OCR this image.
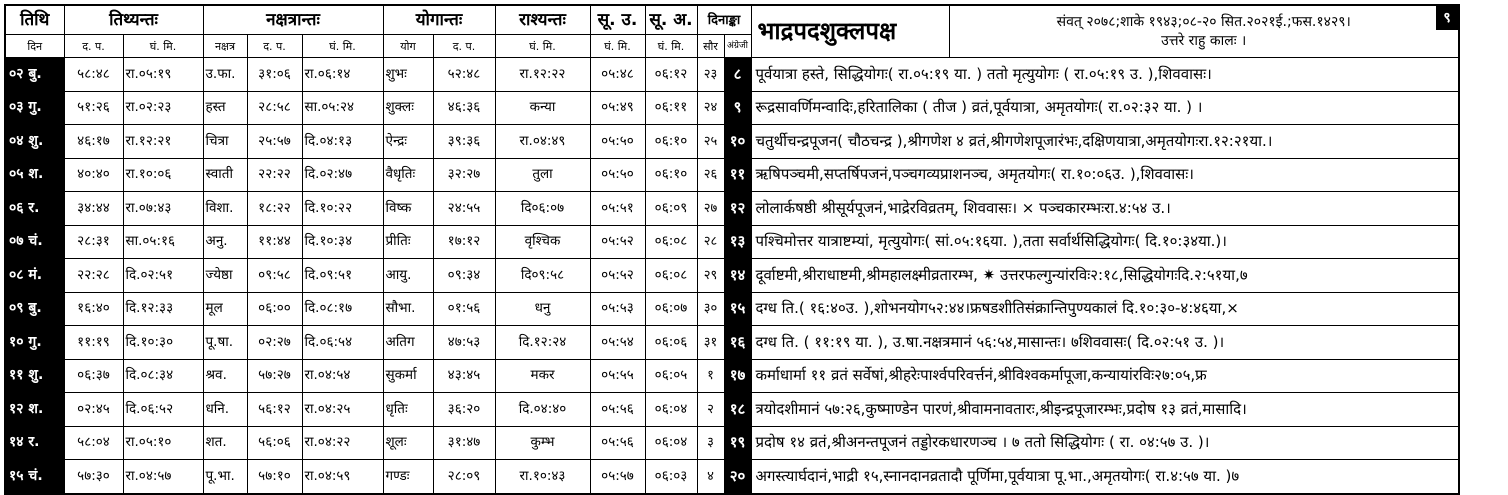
तिथि	तिथ्यन्तः		नक्षत्रान्तः			योगान्तः		राश्यन्तः	सू. उ.	सू. अ.	दिनाङ्का		भाद्रपदशुक्लपक्ष	संवत् २०७८;शाके १९४३;०८-२० सित.२०२१ई.;फस.१४२९।
उत्तरे राहु कालः ।
९

दिन	द. प.	घं. मि.	नक्षत्र	द. प.	घं. मि.	योग	द. प.	घं. मि.	घं. मि.	घं. मि.	सौर	अंग्रेजी		
०२ बु.	५८:४८	रा.०५:१९	उ.फा.	३१:०६	रा.०६:१४	शुभः	५२:४८	रा.१२:२२	०५:४८	०६:१२	२३	८	पूर्वयात्रा हस्ते, सिद्धियोगः( रा.०५:१९ या. ) ततो मृत्युयोगः ( रा.०५:१९ उ. ),शिववासः।	
०३ गु.	५१:२६	रा.०२:२३	हस्त	२८:५८	सा.०५:२४	शुक्लः	४६:३६	कन्या	०५:४९	०६:११	२४	९	रूद्रसावर्णिमन्वादिः,हरितालिका ( तीज ) व्रतं,पूर्वयात्रा, अमृतयोगः( रा.०२:३२ या. ) ।	
०४ शु.	४६:१७	रा.१२:२१	चित्रा	२५:५७	दि.०४:१३	ऐन्द्रः	३९:३६	रा.०४:४९	०५:५०	०६:१०	२५	१०	चतुर्थीचन्द्रपूजन( चौठचन्द्र ),श्रीगणेश ४ व्रतं,श्रीगणेशपूजारंभः,दक्षिणयात्रा,अमृतयोगःरा.१२:२१या.।	
०५ श.	४०:४०	रा.१०:०६	स्वाती	२२:२२	दि.०२:४७	वैधृतिः	३२:२७	तुला	०५:५०	०६:१०	२६	११	ऋषिपञ्चमी,सप्तर्षिपजनं,पञ्चगव्यप्राशनञ्च, अमृतयोगः( रा.१०:०६उ. ),शिववासः।	
०६ र.	३४:४४	रा.०७:४३	विशा.	१८:२२	दि.१०:२२	विष्क	२४:५५	दि०६:०७	०५:५१	०६:०९	२७	१२	लोलार्कषष्ठी श्रीसूर्यपूजनं,भाद्रेरविव्रतम्, शिववासः। × पञ्चकारम्भःरा.४:५४ उ.।	
०७ चं.	२८:३१	सा.०५:१६	अनु.	११:४४	दि.१०:३४	प्रीतिः	१७:१२	वृश्चिक	०५:५२	०६:०८	२८	१३	पश्चिमोत्तर यात्राष्टम्यां, मृत्युयोगः( सां.०५:१६या. ),तता सर्वार्थसिद्धियोगः( दि.१०:३४या.)।	
०८ मं.	२२:२८	दि.०२:५१	ज्येष्ठा	०९:५८	दि.०९:५१	आयु.	०९:३४	दि०९:५८	०५:५२	०६:०८	२९	१४	दूर्वाष्टमी,श्रीराधाष्टमी,श्रीमहालक्ष्मीव्रतारम्भ, ✷ उत्तरफल्गुन्यांरविः२:१८,सिद्धियोगःदि.२:५१या,७	
०९ बु.	१६:४०	दि.१२:३३	मूल	०६:००	दि.०८:१७	सौभा.	०१:५६	धनु	०५:५३	०६:०७	३०	१५	दग्ध ति.( १६:४०उ. ),शोभनयोग५२:४४।फ्रषडशीतिसंक्रान्तिपुण्यकालं दि.१०:३०-४:४६या,×	
१० गु.	११:१९	दि.१०:३०	पू.षा.	०२:२७	दि.०६:५४	अतिग	४७:५३	दि.१२:२४	०५:५४	०६:०६	३१	१६	दग्ध ति. ( ११:१९ या. ), उ.षा.नक्षत्रमानं ५६:५४,मासान्तः। ७शिववासः( दि.०२:५१ उ. )।	
११ शु.	०६:३७	दि.०८:३४	श्रव.	५७:२७	रा.०४:५४	सुकर्मा	४३:४५	मकर	०५:५५	०६:०५	१	१७	कर्माधार्मा ११ व्रतं सर्वेषां,श्रीहरेःपार्श्वपरिवर्त्तनं,श्रीविश्वकर्मापूजा,कन्यायांरविः२७:०५,फ्र	
१२ श.	०२:४५	दि.०६:५२	धनि.	५६:१२	रा.०४:२५	धृतिः	३६:२०	दि.०४:४०	०५:५६	०६:०४	२	१८	त्रयोदशीमानं ५७:२६,कुष्माण्डेन पारणं,श्रीवामनावतारः,श्रीइन्द्रपूजारम्भः,प्रदोष १३ व्रतं,मासादि।	
१४ र.	५८:०४	रा.०५:१०	शत.	५६:०६	रा.०४:२२	शूलः	३१:४७	कुम्भ	०५:५६	०६:०४	३	१९	प्रदोष १४ व्रतं,श्रीअनन्तपूजनं तड्डोरकधारणञ्च । ७ ततो सिद्धियोगः ( रा. ०४:५७ उ. )।	
१५ चं.	५७:३०	रा.०४:५७	पू.भा.	५७:१०	रा.०४:५९	गण्डः	२८:०९	रा.१०:४३	०५:५७	०६:०३	४	२०	अगस्त्यार्घदानं,भाद्री १५,स्नानदानव्रतादौ पूर्णिमा,पूर्वयात्रा पू.भा.,अमृतयोगः( रा.४:५७ या. )७	
